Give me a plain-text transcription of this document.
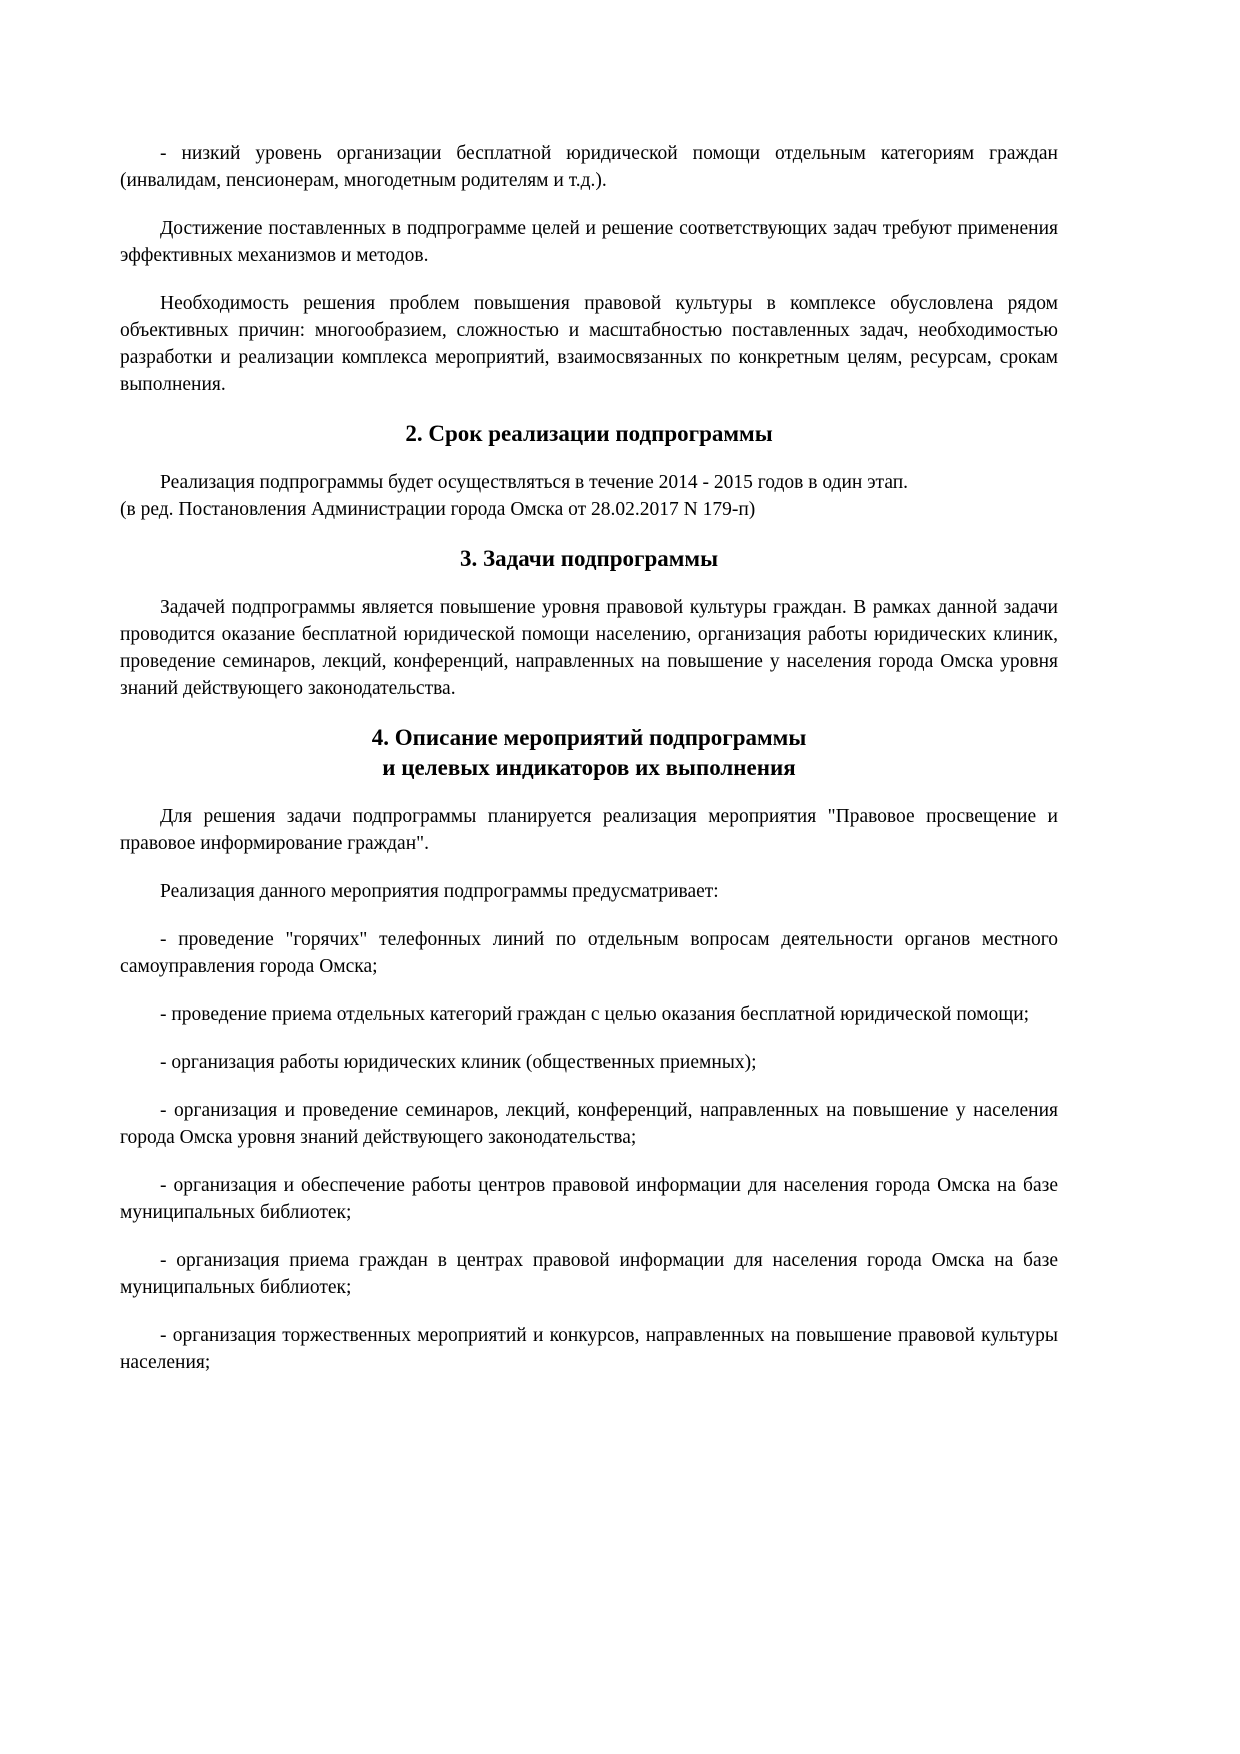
- низкий уровень организации бесплатной юридической помощи отдельным категориям граждан (инвалидам, пенсионерам, многодетным родителям и т.д.).

Достижение поставленных в подпрограмме целей и решение соответствующих задач требуют применения эффективных механизмов и методов.

Необходимость решения проблем повышения правовой культуры в комплексе обусловлена рядом объективных причин: многообразием, сложностью и масштабностью поставленных задач, необходимостью разработки и реализации комплекса мероприятий, взаимосвязанных по конкретным целям, ресурсам, срокам выполнения.

2. Срок реализации подпрограммы

Реализация подпрограммы будет осуществляться в течение 2014 - 2015 годов в один этап.

(в ред. Постановления Администрации города Омска от 28.02.2017 N 179-п)

3. Задачи подпрограммы

Задачей подпрограммы является повышение уровня правовой культуры граждан. В рамках данной задачи проводится оказание бесплатной юридической помощи населению, организация работы юридических клиник, проведение семинаров, лекций, конференций, направленных на повышение у населения города Омска уровня знаний действующего законодательства.

4. Описание мероприятий подпрограммы
и целевых индикаторов их выполнения

Для решения задачи подпрограммы планируется реализация мероприятия "Правовое просвещение и правовое информирование граждан".

Реализация данного мероприятия подпрограммы предусматривает:

- проведение "горячих" телефонных линий по отдельным вопросам деятельности органов местного самоуправления города Омска;

- проведение приема отдельных категорий граждан с целью оказания бесплатной юридической помощи;

- организация работы юридических клиник (общественных приемных);

- организация и проведение семинаров, лекций, конференций, направленных на повышение у населения города Омска уровня знаний действующего законодательства;

- организация и обеспечение работы центров правовой информации для населения города Омска на базе муниципальных библиотек;

- организация приема граждан в центрах правовой информации для населения города Омска на базе муниципальных библиотек;

- организация торжественных мероприятий и конкурсов, направленных на повышение правовой культуры населения;
